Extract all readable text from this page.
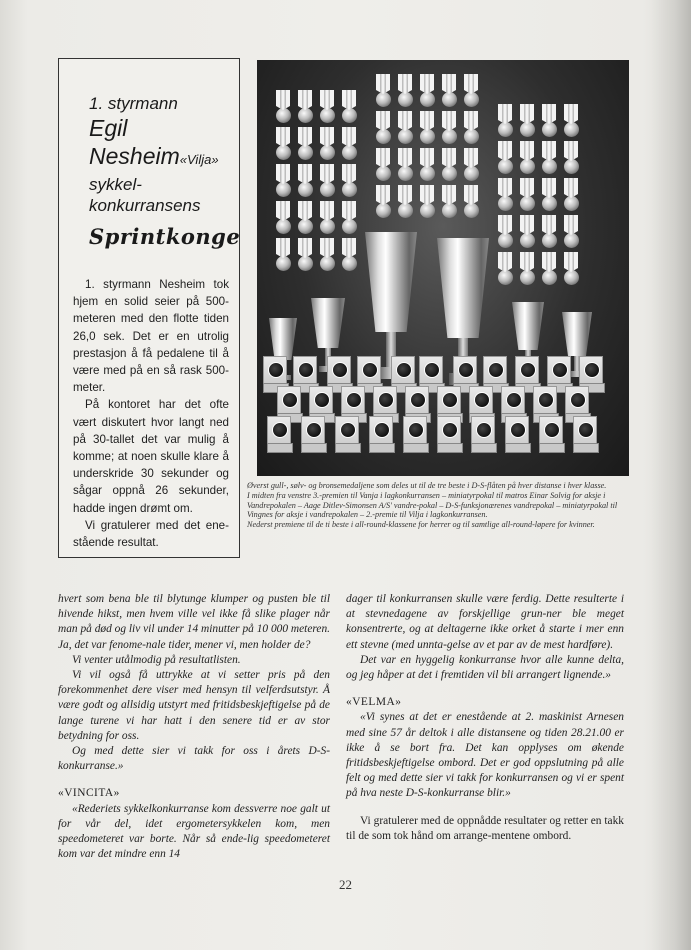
1. styrmann
Egil
Nesheim«Vilja»
sykkel-
konkurransens
Sprintkonge

1. styrmann Nesheim tok hjem en solid seier på 500-meteren med den flotte tiden 26,0 sek. Det er en utrolig prestasjon å få pedalene til å være med på en så rask 500-meter.

På kontoret har det ofte vært diskutert hvor langt ned på 30-tallet det var mulig å komme; at noen skulle klare å underskride 30 sekunder og sågar oppnå 26 sekunder, hadde ingen drømt om.

Vi gratulerer med det ene-stående resultat.

Øverst gull-, sølv- og bronsemedaljene som deles ut til de tre beste i D-S-flåten på hver distanse i hver klasse.

I midten fra venstre 3.-premien til Vanja i lagkonkurransen – miniatyrpokal til matros Einar Solvig for aksje i Vandrepokalen – Aage Ditlev-Simonsen A/S' vandre-pokal – D-S-funksjonærenes vandrepokal – miniatyrpokal til Vingnes for aksje i vandrepokalen – 2.-premie til Vilja i lagkonkurransen.

Nederst premiene til de ti beste i all-round-klassene for herrer og til samtlige all-round-løpere for kvinner.

hvert som bena ble til blytunge klumper og pusten ble til hivende hikst, men hvem ville vel ikke få slike plager når man på død og liv vil under 14 minutter på 10 000 meteren. Ja, det var fenome-nale tider, mener vi, men holder de?

Vi venter utålmodig på resultatlisten.

Vi vil også få uttrykke at vi setter pris på den forekommenhet dere viser med hensyn til velferdsutstyr. Å være godt og allsidig utstyrt med fritidsbeskjeftigelse på de lange turene vi har hatt i den senere tid er av stor betydning for oss.

Og med dette sier vi takk for oss i årets D-S-konkurranse.»

«VINCITA»

«Rederiets sykkelkonkurranse kom dessverre noe galt ut for vår del, idet ergometersykkelen kom, men speedometeret var borte. Når så ende-lig speedometeret kom var det mindre enn 14

dager til konkurransen skulle være ferdig. Dette resulterte i at stevnedagene av forskjellige grun-ner ble meget konsentrerte, og at deltagerne ikke orket å starte i mer enn ett stevne (med unnta-gelse av et par av de mest hardføre).

Det var en hyggelig konkurranse hvor alle kunne delta, og jeg håper at det i fremtiden vil bli arrangert lignende.»

«VELMA»

«Vi synes at det er enestående at 2. maskinist Arnesen med sine 57 år deltok i alle distansene og tiden 28.21.00 er ikke å se bort fra. Det kan opplyses om økende fritidsbeskjeftigelse ombord. Det er god oppslutning på alle felt og med dette sier vi takk for konkurransen og vi er spent på hva neste D-S-konkurranse blir.»

Vi gratulerer med de oppnådde resultater og retter en takk til de som tok hånd om arrange-mentene ombord.

22
